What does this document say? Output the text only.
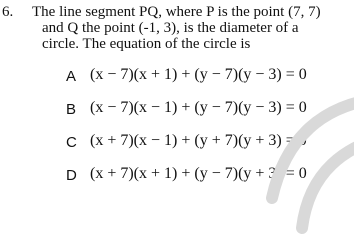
6. The line segment PQ, where P is the point (7, 7)
and Q the point (-1, 3), is the diameter of a
circle. The equation of the circle is
A (x − 7)(x + 1) + (y − 7)(y − 3) = 0
B (x − 7)(x − 1) + (y − 7)(y − 3) = 0
C (x + 7)(x − 1) + (y + 7)(y + 3) = 0
D (x + 7)(x + 1) + (y − 7)(y + 3) = 0
